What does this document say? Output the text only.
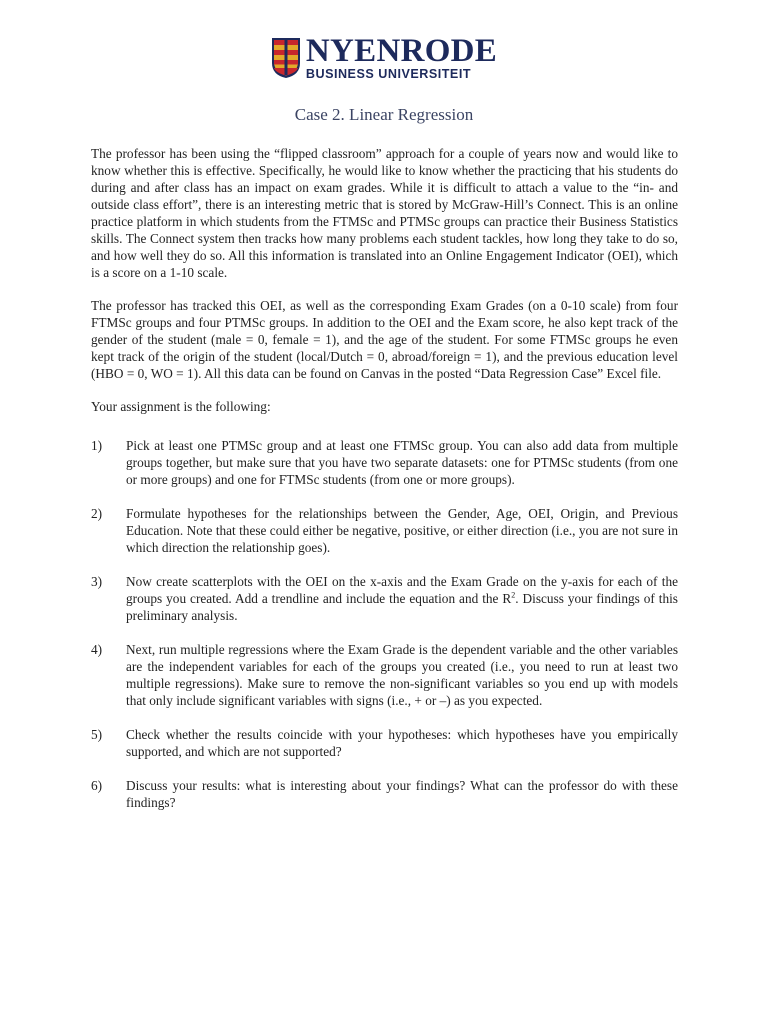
NYENRODE
BUSINESS UNIVERSITEIT
Case 2. Linear Regression

The professor has been using the “flipped classroom” approach for a couple of years now and would like to know whether this is effective. Specifically, he would like to know whether the practicing that his students do during and after class has an impact on exam grades. While it is difficult to attach a value to the “in- and outside class effort”, there is an interesting metric that is stored by McGraw-Hill’s Connect. This is an online practice platform in which students from the FTMSc and PTMSc groups can practice their Business Statistics skills. The Connect system then tracks how many problems each student tackles, how long they take to do so, and how well they do so. All this information is translated into an Online Engagement Indicator (OEI), which is a score on a 1-10 scale.

The professor has tracked this OEI, as well as the corresponding Exam Grades (on a 0-10 scale) from four FTMSc groups and four PTMSc groups. In addition to the OEI and the Exam score, he also kept track of the gender of the student (male = 0, female = 1), and the age of the student. For some FTMSc groups he even kept track of the origin of the student (local/Dutch = 0, abroad/foreign = 1), and the previous education level (HBO = 0, WO = 1). All this data can be found on Canvas in the posted “Data Regression Case” Excel file.

Your assignment is the following:

1)	Pick at least one PTMSc group and at least one FTMSc group. You can also add data from multiple groups together, but make sure that you have two separate datasets: one for PTMSc students (from one or more groups) and one for FTMSc students (from one or more groups).
2)	Formulate hypotheses for the relationships between the Gender, Age, OEI, Origin, and Previous Education. Note that these could either be negative, positive, or either direction (i.e., you are not sure in which direction the relationship goes).
3)	Now create scatterplots with the OEI on the x-axis and the Exam Grade on the y-axis for each of the groups you created. Add a trendline and include the equation and the $R^2$. Discuss your findings of this preliminary analysis.
4)	Next, run multiple regressions where the Exam Grade is the dependent variable and the other variables are the independent variables for each of the groups you created (i.e., you need to run at least two multiple regressions). Make sure to remove the non-significant variables so you end up with models that only include significant variables with signs (i.e., + or –) as you expected.
5)	Check whether the results coincide with your hypotheses: which hypotheses have you empirically supported, and which are not supported?
6)	Discuss your results: what is interesting about your findings? What can the professor do with these findings?
